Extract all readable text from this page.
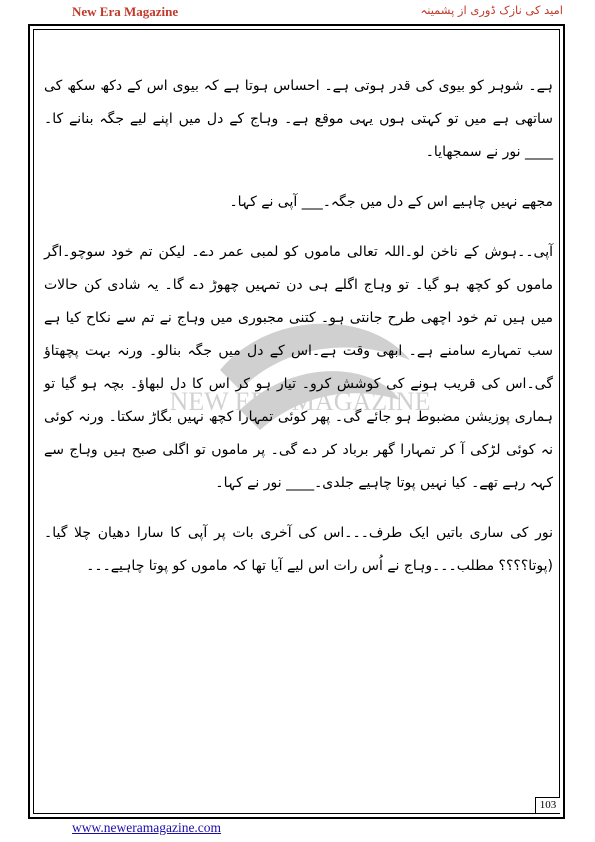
New Era Magazine	امید کی نازک ڈوری از پشمینہ
NEW ERA MAGAZINE

ہے۔ شوہر کو بیوی کی قدر ہوتی ہے۔ احساس ہوتا ہے کہ بیوی اس کے دکھ سکھ کی ساتھی ہے میں تو کہتی ہوں یہی موقع ہے۔ وہاج کے دل میں اپنے لیے جگہ بنانے کا۔____ نور نے سمجھایا۔

مجھے نہیں چاہیے اس کے دل میں جگہ۔___ آپی نے کہا۔

آپی۔۔ہوش کے ناخن لو۔اللہ تعالی ماموں کو لمبی عمر دے۔ لیکن تم خود سوچو۔اگر ماموں کو کچھ ہو گیا۔ تو وہاج اگلے ہی دن تمہیں چھوڑ دے گا۔ یہ شادی کن حالات میں ہیں تم خود اچھی طرح جانتی ہو۔ کتنی مجبوری میں وہاج نے تم سے نکاح کیا ہے سب تمہارے سامنے ہے۔ ابھی وقت ہے۔اس کے دل میں جگہ بنالو۔ ورنہ بہت پچھتاؤ گی۔اس کی قریب ہونے کی کوشش کرو۔ تیار ہو کر اس کا دل لبھاؤ۔ بچہ ہو گیا تو ہماری پوزیشن مضبوط ہو جائے گی۔ پھر کوئی تمہارا کچھ نہیں بگاڑ سکتا۔ ورنہ کوئی نہ کوئی لڑکی آ کر تمہارا گھر برباد کر دے گی۔ پر ماموں تو اگلی صبح ہیں وہاج سے کہہ رہے تھے۔ کیا نہیں پوتا چاہیے جلدی۔____ نور نے کہا۔

نور کی ساری باتیں ایک طرف۔۔۔اس کی آخری بات پر آپی کا سارا دھیان چلا گیا۔(پوتا؟؟؟؟ مطلب۔۔۔وہاج نے اُس رات اس لیے آیا تھا کہ ماموں کو پوتا چاہیے۔۔۔

103
www.neweramagazine.com
